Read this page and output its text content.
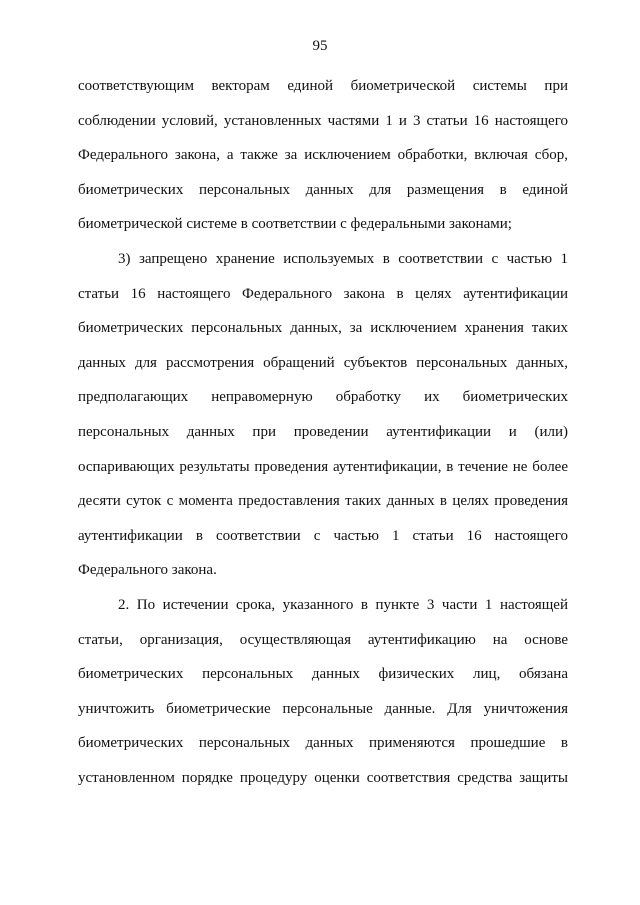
95
соответствующим векторам единой биометрической системы при
соблюдении условий, установленных частями 1 и 3 статьи 16 настоящего
Федерального закона, а также за исключением обработки, включая сбор,
биометрических персональных данных для размещения в единой
биометрической системе в соответствии с федеральными законами;
3) запрещено хранение используемых в соответствии с частью 1
статьи 16 настоящего Федерального закона в целях аутентификации
биометрических персональных данных, за исключением хранения таких
данных для рассмотрения обращений субъектов персональных данных,
предполагающих неправомерную обработку их биометрических
персональных данных при проведении аутентификации и (или)
оспаривающих результаты проведения аутентификации, в течение не более
десяти суток с момента предоставления таких данных в целях проведения
аутентификации в соответствии с частью 1 статьи 16 настоящего
Федерального закона.
2. По истечении срока, указанного в пункте 3 части 1 настоящей
статьи, организация, осуществляющая аутентификацию на основе
биометрических персональных данных физических лиц, обязана
уничтожить биометрические персональные данные. Для уничтожения
биометрических персональных данных применяются прошедшие в
установленном порядке процедуру оценки соответствия средства защиты
